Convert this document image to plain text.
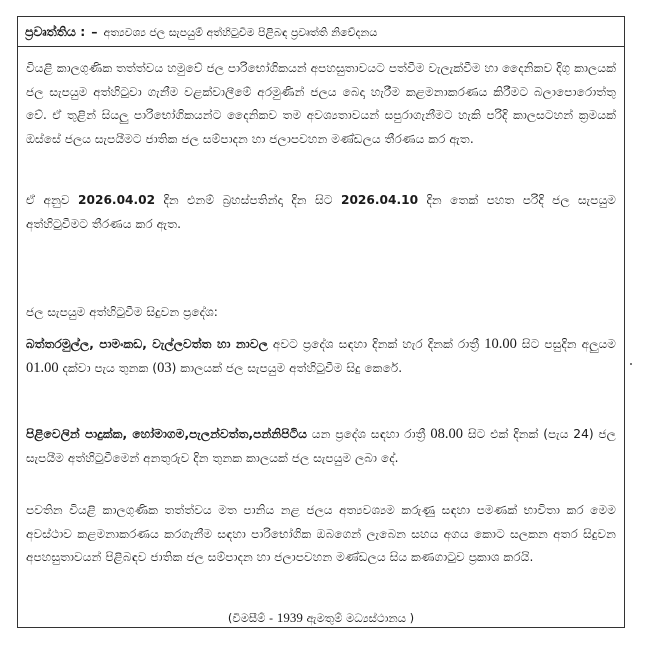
ප්‍රවෘත්තිය : – අත්‍යවශ්‍ය ජල සැපයුම් අත්හිටුවීම පිළිබඳ ප්‍රවෘත්ති නිවේදනය
වියළි කාලගුණික තත්ත්වය හමුවේ ජල පාරිභෝගිකයන් අපහසුතාවයට පත්වීම වැලැක්වීම හා දෛනිකව දිගු කාලයක් ජල සැපයුම අත්හිටුවා ගැනීම වළක්වාලීමේ අරමුණින් ජලය බෙදා හැරීම කළමනාකරණය කිරීමට බලාපොරොත්තු වේ. ඒ තුළින් සියලු පාරිභෝගිකයන්ට දෛනිකව තම අවශ්‍යතාවයන් සපුරාගැනීමට හැකි පරිදි කාලසටහන් ක්‍රමයක් ඔස්සේ ජලය සැපයීමට ජාතික ජල සම්පාදන හා ජලාපවහන මණ්ඩලය තීරණය කර ඇත.
ඒ අනුව 2026.04.02 දින එනම් බ්‍රහස්පතින්දා දින සිට 2026.04.10 දින තෙක් පහත පරිදි ජල සැපයුම අත්හිටුවීමට තීරණය කර ඇත.
ජල සැපයුම අත්හිටුවීම සිදුවන ප්‍රදේශ:
බත්තරමුල්ල, පාමංකඩ, වැල්ලවත්ත හා නාවල අවට ප්‍රදේශ සඳහා දිනක් හැර දිනක් රාත්‍රී 10.00 සිට පසුදින අලුයම 01.00 දක්වා පැය තුනක (03) කාලයක් ජල සැපයුම අත්හිටුවීම සිදු කෙරේ.
පිළිවෙලින් පාදුක්ක, හෝමාගම,පැලන්වත්ත,පන්නිපිටිය යන ප්‍රදේශ සඳහා රාත්‍රී 08.00 සිට එක් දිනක් (පැය 24) ජල සැපයීම අත්හිටුවීමෙන් අනතුරුව දින තුනක කාලයක් ජල සැපයුම ලබා දේ.
පවතින වියළි කාලගුණික තත්ත්වය මත පානිය නළ ජලය අත්‍යවශ්‍යම කරුණු සඳහා පමණක් භාවිතා කර මෙම අවස්ථාව කළමනාකරණය කරගැනීම සඳහා පාරිභෝගික ඔබගෙන් ලැබෙන සහය අගය කොට සලකන අතර සිදුවන අපහසුතාවයන් පිළිබඳව ජාතික ජල සම්පාදන හා ජලාපවහන මණ්ඩලය සිය කණගාටුව ප්‍රකාශ කරයි.
(විමසීම් - 1939 ඇමතුම් මධ්‍යස්ථානය )
